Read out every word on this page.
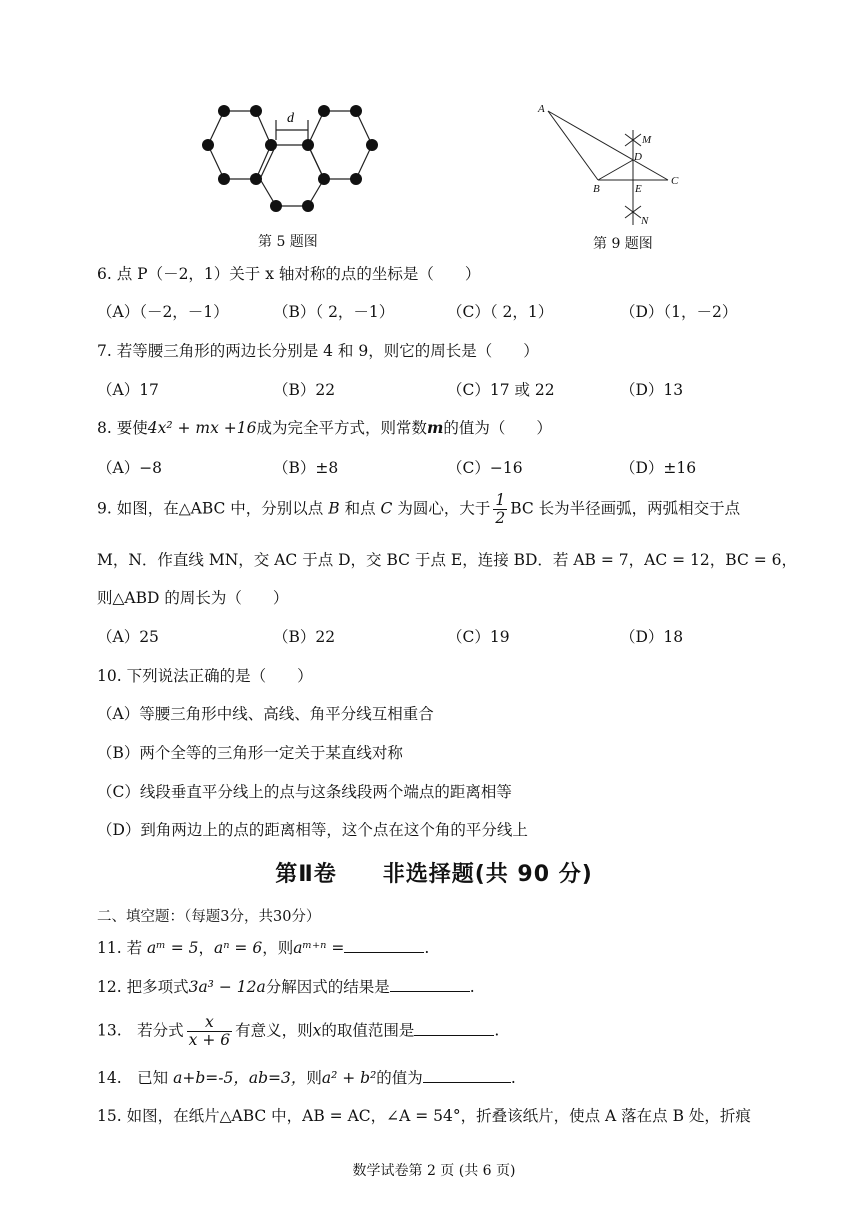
d
第 5 题图
A
M
D
C
B	E
N
第 9 题图
6. 点 P（－2，1）关于 x 轴对称的点的坐标是（　　）
（A）（－2，－1）	（B）（ 2，－1）	（C）（ 2，1）	（D）（1，－2）
7. 若等腰三角形的两边长分别是 4 和 9，则它的周长是（　　）
（A）17	（B）22	（C）17 或 22	（D）13
8. 要使4x² + mx +16成为完全平方式，则常数m的值为（　　）
（A）−8	（B）±8	（C）−16	（D）±16
9. 如图，在△ABC 中，分别以点 B 和点 C 为圆心，大于 $\frac{1}{2}$ BC 长为半径画弧，两弧相交于点
M，N．作直线 MN，交 AC 于点 D，交 BC 于点 E，连接 BD．若 AB = 7，AC = 12，BC = 6，
则△ABD 的周长为（　　）
（A）25	（B）22	（C）19	（D）18
10. 下列说法正确的是（　　）
（A）等腰三角形中线、高线、角平分线互相重合
（B）两个全等的三角形一定关于某直线对称
（C）线段垂直平分线上的点与这条线段两个端点的距离相等
（D）到角两边上的点的距离相等，这个点在这个角的平分线上
第Ⅱ卷　　非选择题(共 90 分)
二、填空题：（每题3分，共30分）
11. 若 aᵐ = 5，aⁿ = 6，则aᵐ⁺ⁿ =	.
12. 把多项式3a³ − 12a分解因式的结果是	.
13.　若分式 $\frac{x}{x + 6}$ 有意义，则x的取值范围是	.
14.　已知 a+b=-5，ab=3，则a² + b²的值为	.
15. 如图，在纸片△ABC 中，AB = AC，∠A = 54°，折叠该纸片，使点 A 落在点 B 处，折痕
数学试卷第 2 页 (共 6 页)
